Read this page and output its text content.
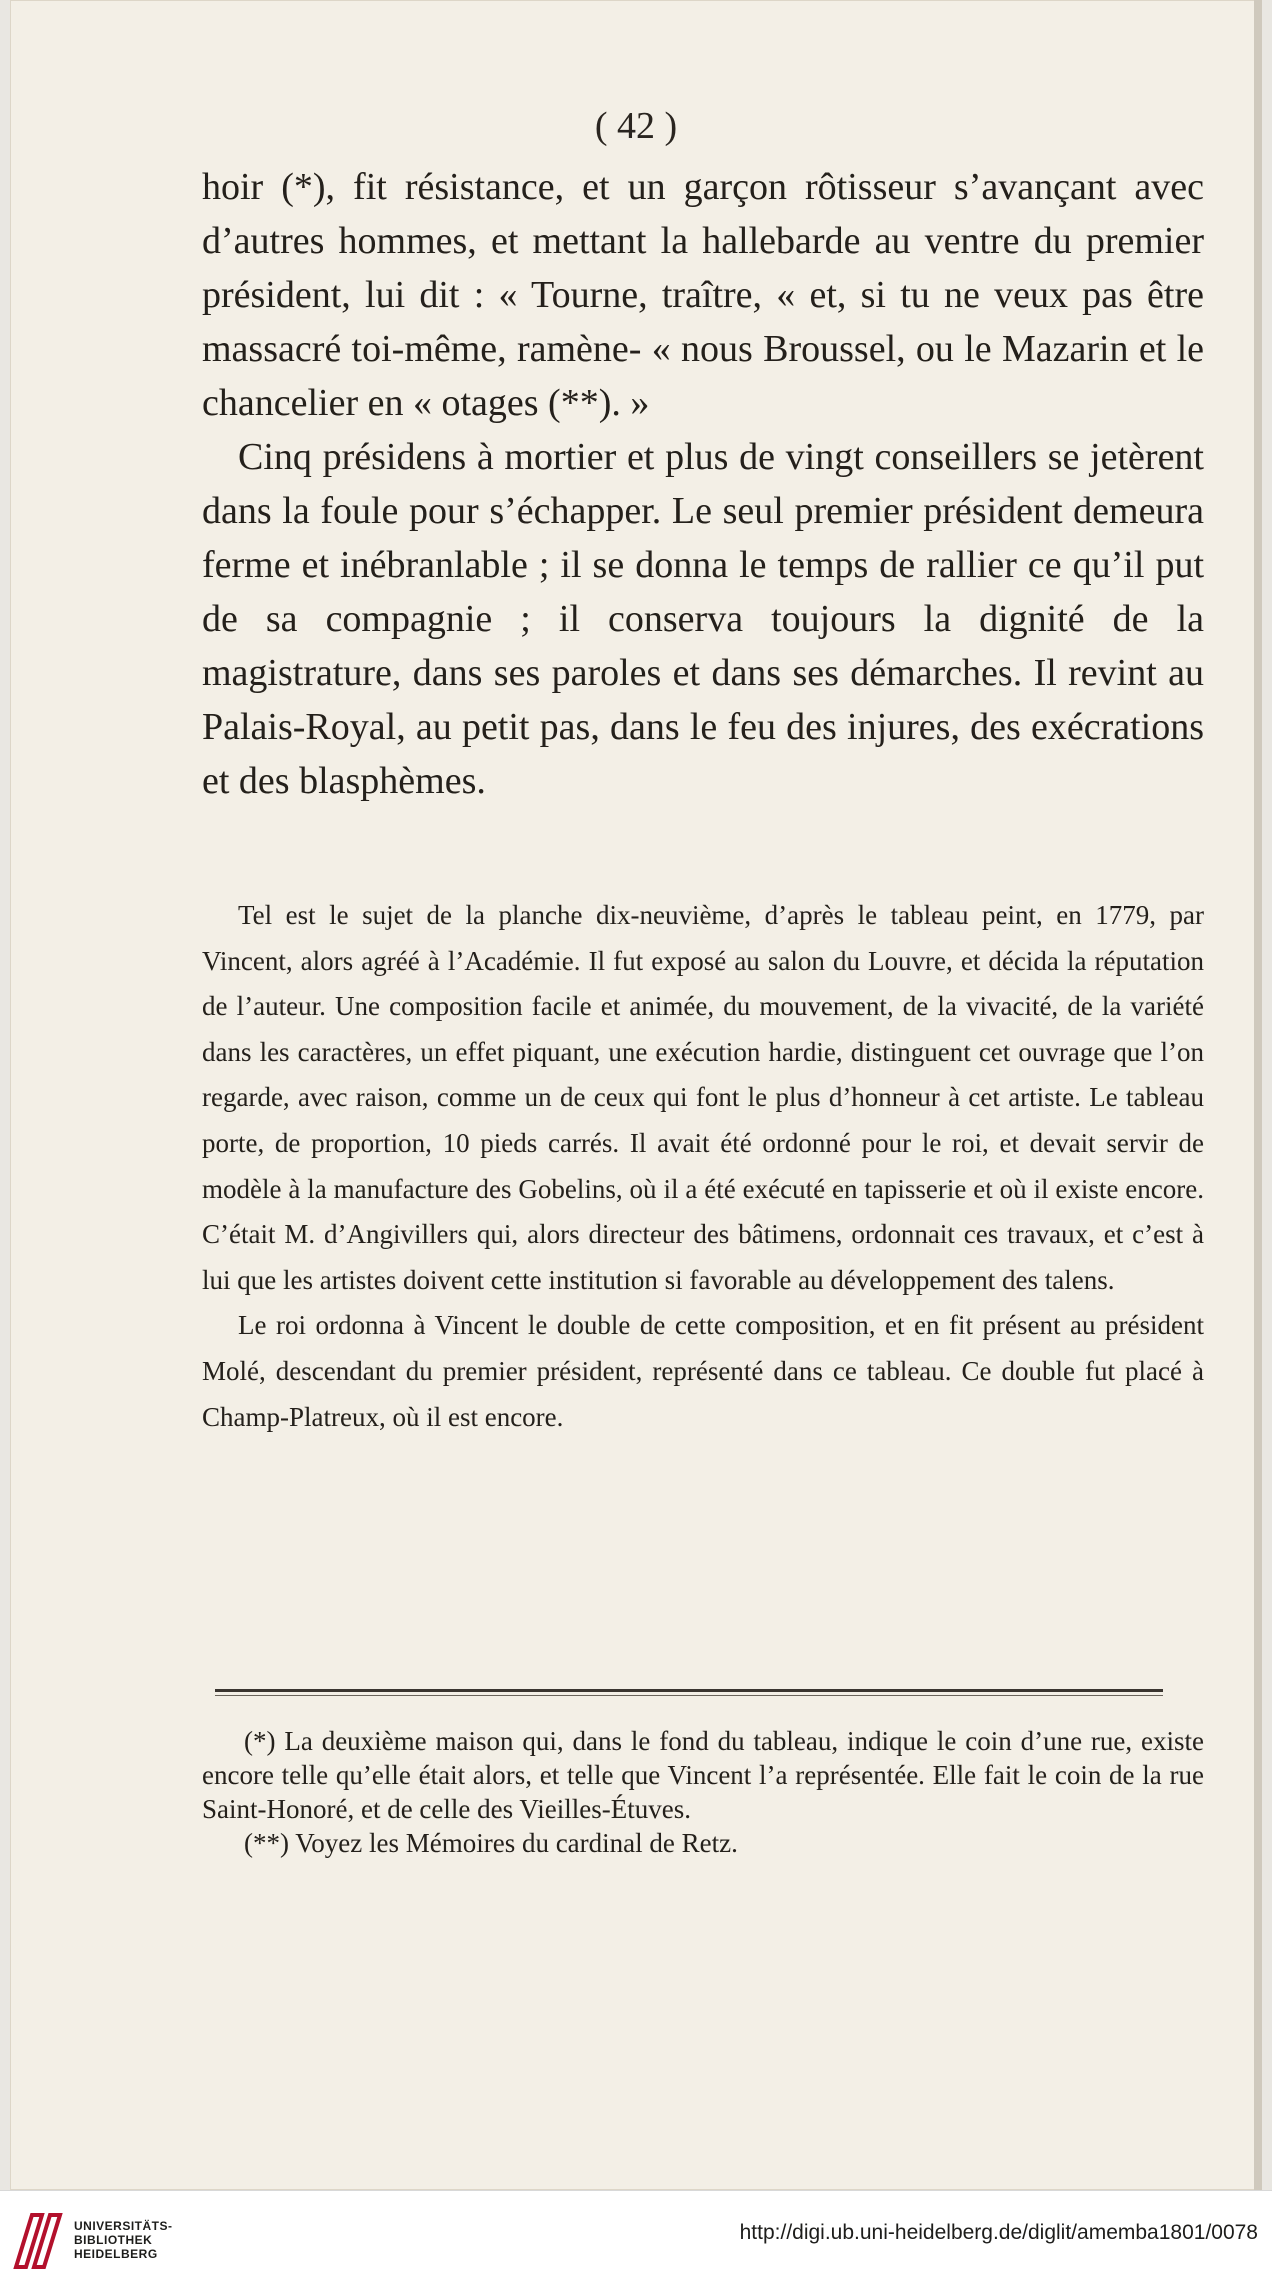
( 42 )

hoir (*), fit résistance, et un garçon rôtisseur s’avançant avec d’autres hommes, et mettant la hallebarde au ventre du premier président, lui dit : « Tourne, traître, « et, si tu ne veux pas être massacré toi-même, ramène- « nous Broussel, ou le Mazarin et le chancelier en « otages (**). »

Cinq présidens à mortier et plus de vingt conseillers se jetèrent dans la foule pour s’échapper. Le seul premier président demeura ferme et inébranlable ; il se donna le temps de rallier ce qu’il put de sa compagnie ; il conserva toujours la dignité de la magistrature, dans ses paroles et dans ses démarches. Il revint au Palais-Royal, au petit pas, dans le feu des injures, des exécrations et des blasphèmes.

Tel est le sujet de la planche dix-neuvième, d’après le tableau peint, en 1779, par Vincent, alors agréé à l’Académie. Il fut exposé au salon du Louvre, et décida la réputation de l’auteur. Une composition facile et animée, du mouvement, de la vivacité, de la variété dans les caractères, un effet piquant, une exécution hardie, distinguent cet ouvrage que l’on regarde, avec raison, comme un de ceux qui font le plus d’honneur à cet artiste. Le tableau porte, de proportion, 10 pieds carrés. Il avait été ordonné pour le roi, et devait servir de modèle à la manufacture des Gobelins, où il a été exécuté en tapisserie et où il existe encore. C’était M. d’Angivillers qui, alors directeur des bâtimens, ordonnait ces travaux, et c’est à lui que les artistes doivent cette institution si favorable au développement des talens.

Le roi ordonna à Vincent le double de cette composition, et en fit présent au président Molé, descendant du premier président, représenté dans ce tableau. Ce double fut placé à Champ-Platreux, où il est encore.

(*) La deuxième maison qui, dans le fond du tableau, indique le coin d’une rue, existe encore telle qu’elle était alors, et telle que Vincent l’a représentée. Elle fait le coin de la rue Saint-Honoré, et de celle des Vieilles-Étuves.

(**) Voyez les Mémoires du cardinal de Retz.

UNIVERSITÄTS-
BIBLIOTHEK
HEIDELBERG
http://digi.ub.uni-heidelberg.de/diglit/amemba1801/0078
